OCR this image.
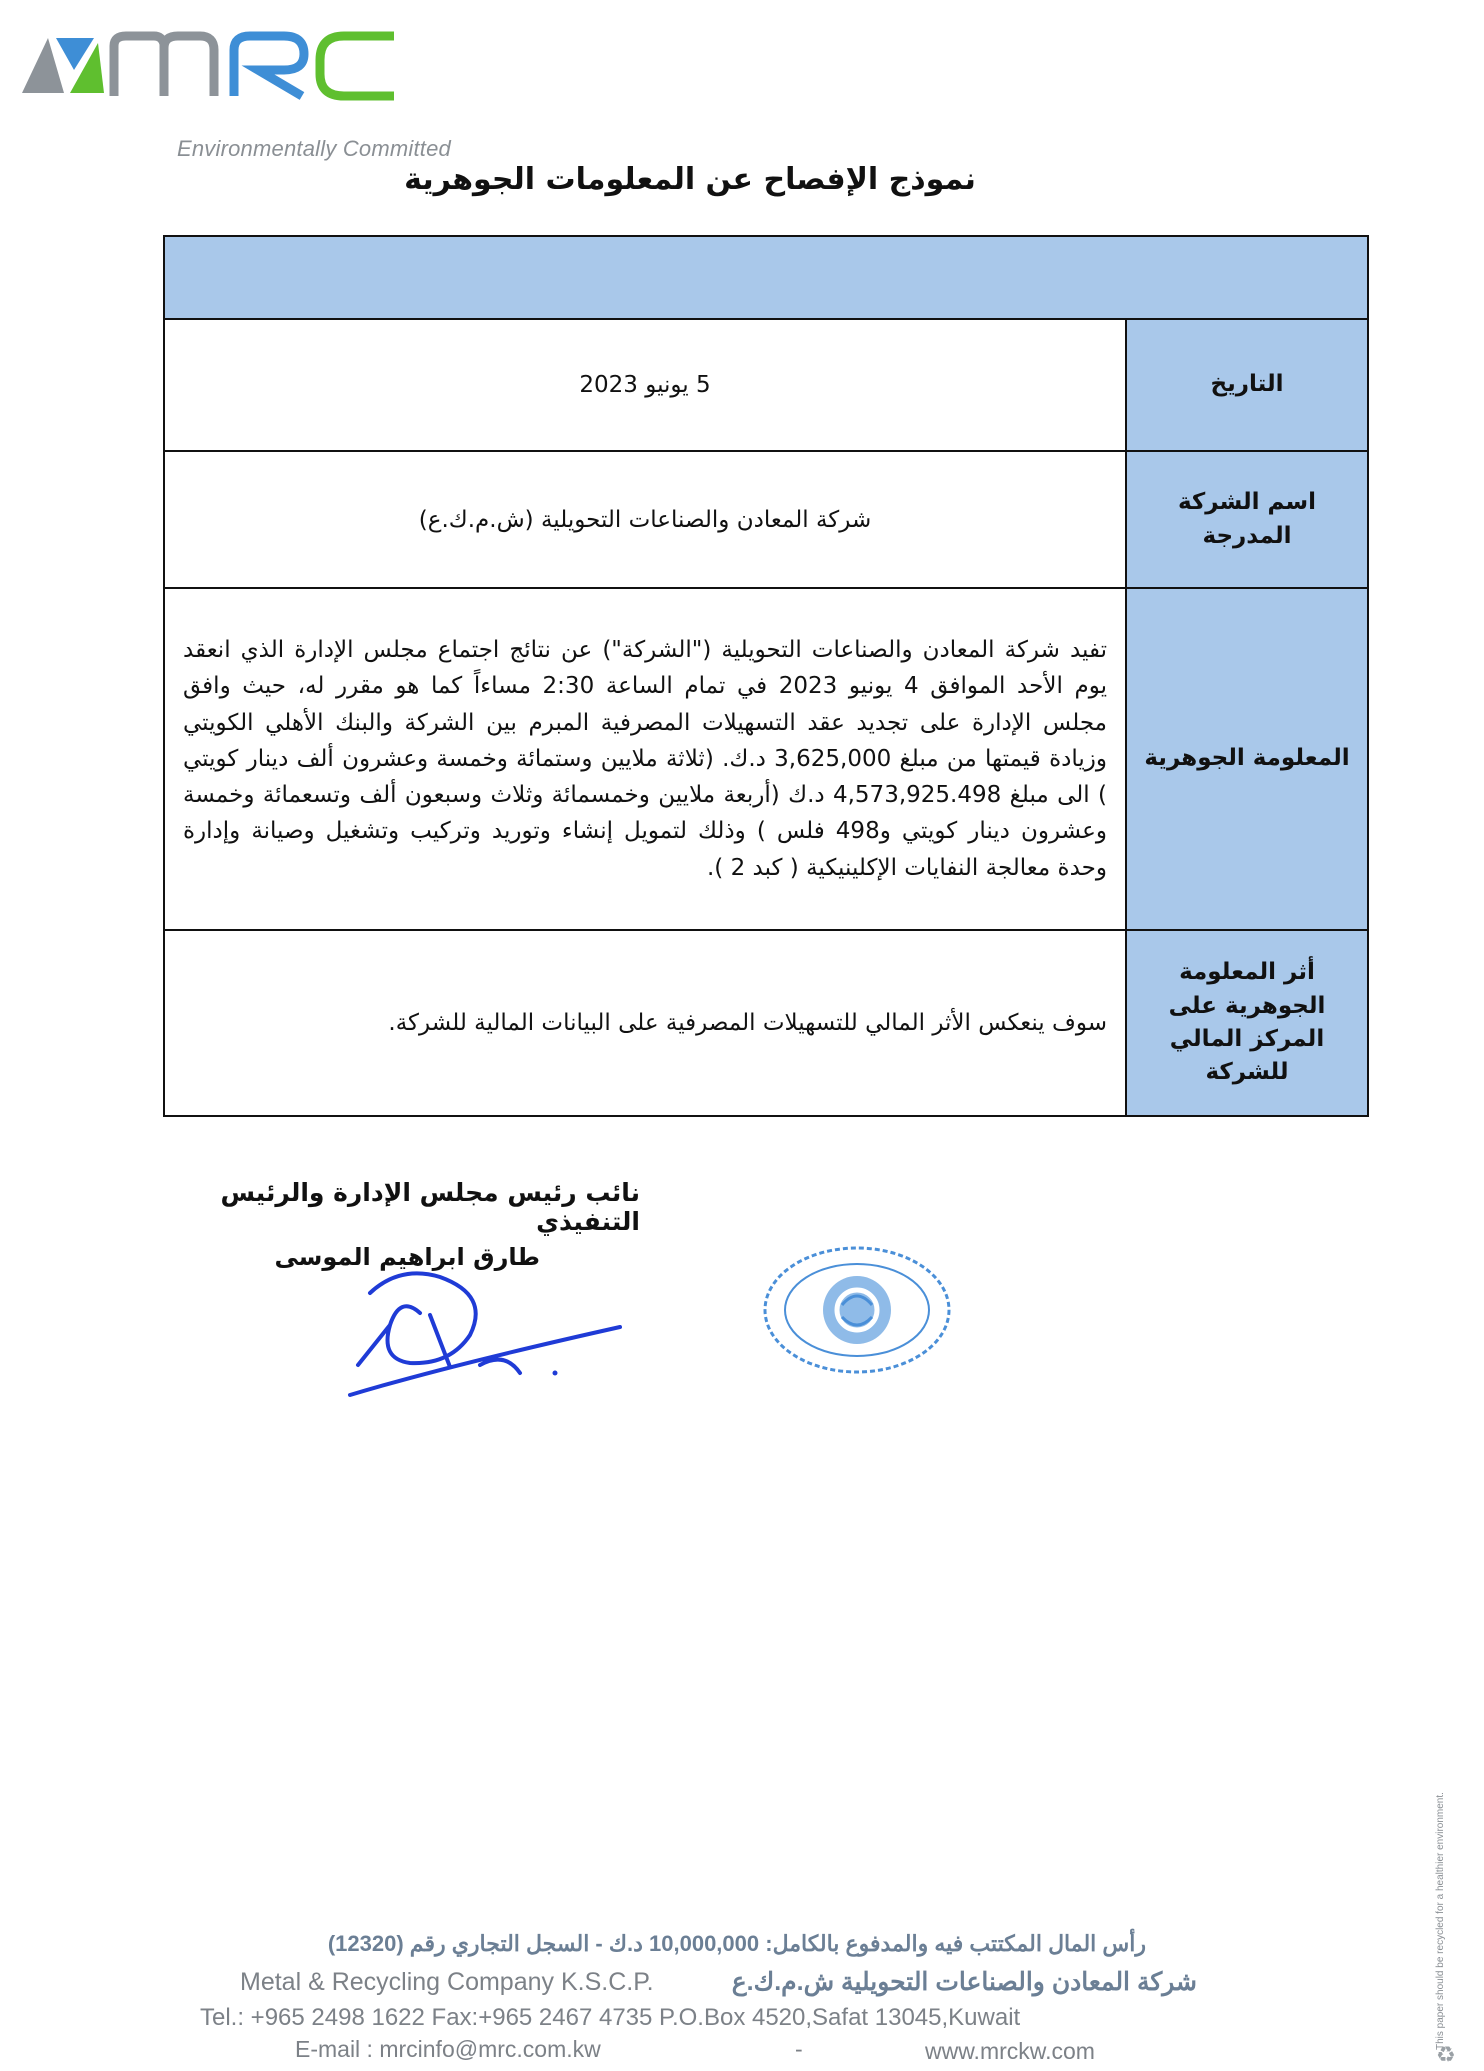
Environmentally Committed
نموذج الإفصاح عن المعلومات الجوهرية
التاريخ
5 يونيو 2023
اسم الشركة المدرجة
شركة المعادن والصناعات التحويلية (ش.م.ك.ع)
المعلومة الجوهرية
تفيد شركة المعادن والصناعات التحويلية ("الشركة") عن نتائج اجتماع مجلس الإدارة الذي انعقد يوم الأحد الموافق 4 يونيو 2023 في تمام الساعة 2:30 مساءاً كما هو مقرر له، حيث وافق مجلس الإدارة على تجديد عقد التسهيلات المصرفية المبرم بين الشركة والبنك الأهلي الكويتي وزيادة قيمتها من مبلغ 3,625,000 د.ك. (ثلاثة ملايين وستمائة وخمسة وعشرون ألف دينار كويتي ) الى مبلغ 4,573,925.498 د.ك (أربعة ملايين وخمسمائة وثلاث وسبعون ألف وتسعمائة وخمسة وعشرون دينار كويتي و498 فلس ) وذلك لتمويل إنشاء وتوريد وتركيب وتشغيل وصيانة وإدارة وحدة معالجة النفايات الإكلينيكية ( كبد 2 ).
أثر المعلومة الجوهرية على المركز المالي للشركة
سوف ينعكس الأثر المالي للتسهيلات المصرفية على البيانات المالية للشركة.
نائب رئيس مجلس الإدارة والرئيس التنفيذي
طارق ابراهيم الموسى
This paper should be recycled for a healthier environment.
♻
رأس المال المكتتب فيه والمدفوع بالكامل: 10,000,000 د.ك - السجل التجاري رقم (12320)
Metal & Recycling Company K.S.C.P.	شركة المعادن والصناعات التحويلية ش.م.ك.ع
Tel.: +965 2498 1622 Fax:+965 2467 4735 P.O.Box 4520,Safat 13045,Kuwait
E-mail : mrcinfo@mrc.com.kw	-	www.mrckw.com
